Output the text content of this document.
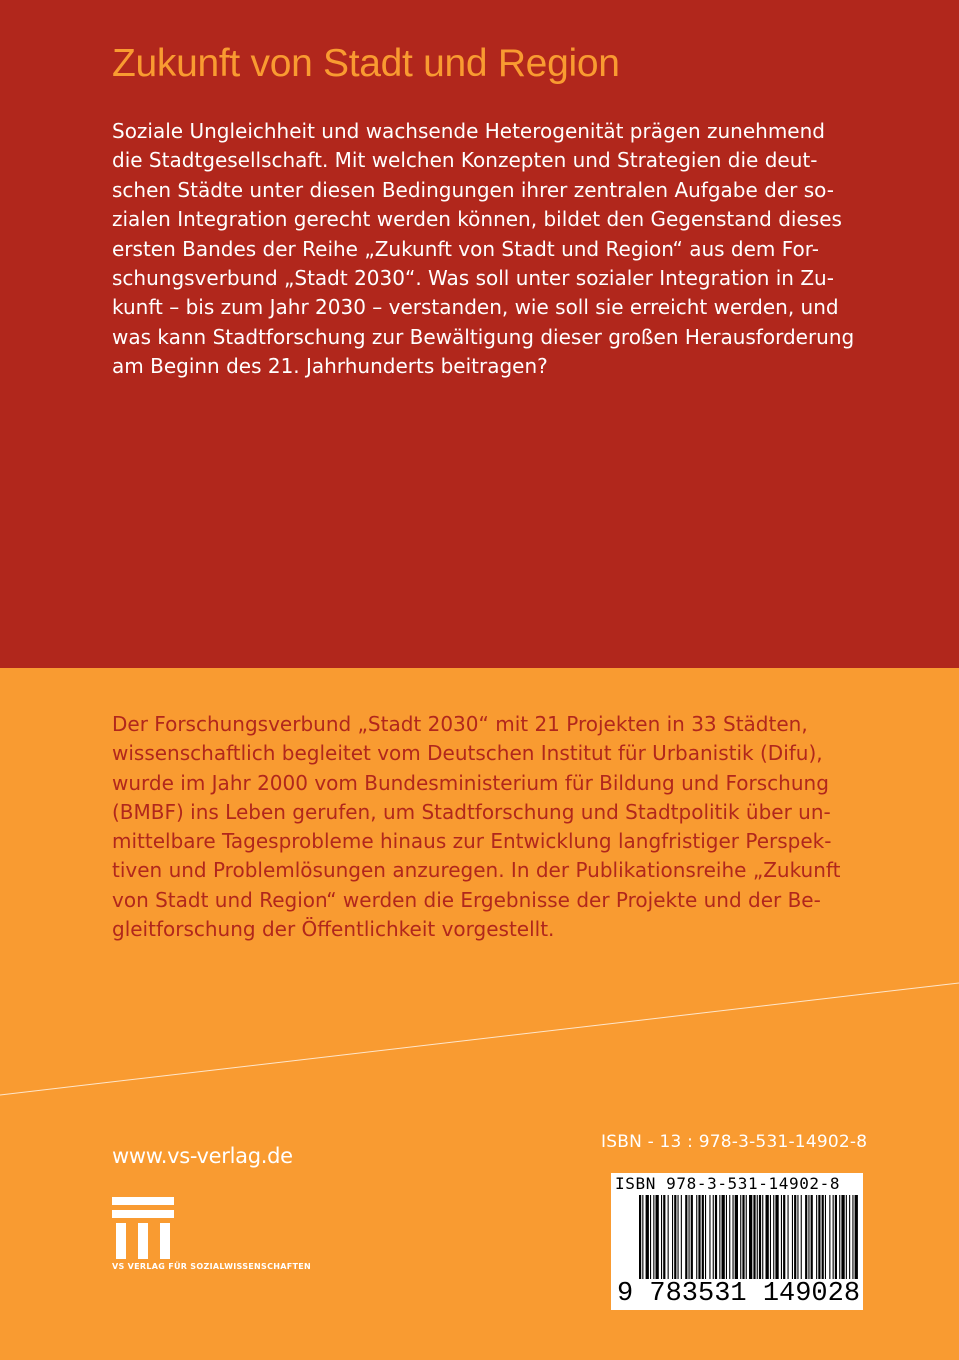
Zukunft von Stadt und Region

Soziale Ungleichheit und wachsende Heterogenität prägen zunehmend
die Stadtgesellschaft. Mit welchen Konzepten und Strategien die deut-
schen Städte unter diesen Bedingungen ihrer zentralen Aufgabe der so-
zialen Integration gerecht werden können, bildet den Gegenstand dieses
ersten Bandes der Reihe „Zukunft von Stadt und Region“ aus dem For-
schungsverbund „Stadt 2030“. Was soll unter sozialer Integration in Zu-
kunft – bis zum Jahr 2030 – verstanden, wie soll sie erreicht werden, und
was kann Stadtforschung zur Bewältigung dieser großen Herausforderung
am Beginn des 21. Jahrhunderts beitragen?

Der Forschungsverbund „Stadt 2030“ mit 21 Projekten in 33 Städten,
wissenschaftlich begleitet vom Deutschen Institut für Urbanistik (Difu),
wurde im Jahr 2000 vom Bundesministerium für Bildung und Forschung
(BMBF) ins Leben gerufen, um Stadtforschung und Stadtpolitik über un-
mittelbare Tagesprobleme hinaus zur Entwicklung langfristiger Perspek-
tiven und Problemlösungen anzuregen. In der Publikationsreihe „Zukunft
von Stadt und Region“ werden die Ergebnisse der Projekte und der Be-
gleitforschung der Öffentlichkeit vorgestellt.

www.vs-verlag.de
VS VERLAG FÜR SOZIALWISSENSCHAFTEN
ISBN - 13 : 978-3-531-14902-8
ISBN 978-3-531-14902-8
9 783531 149028
